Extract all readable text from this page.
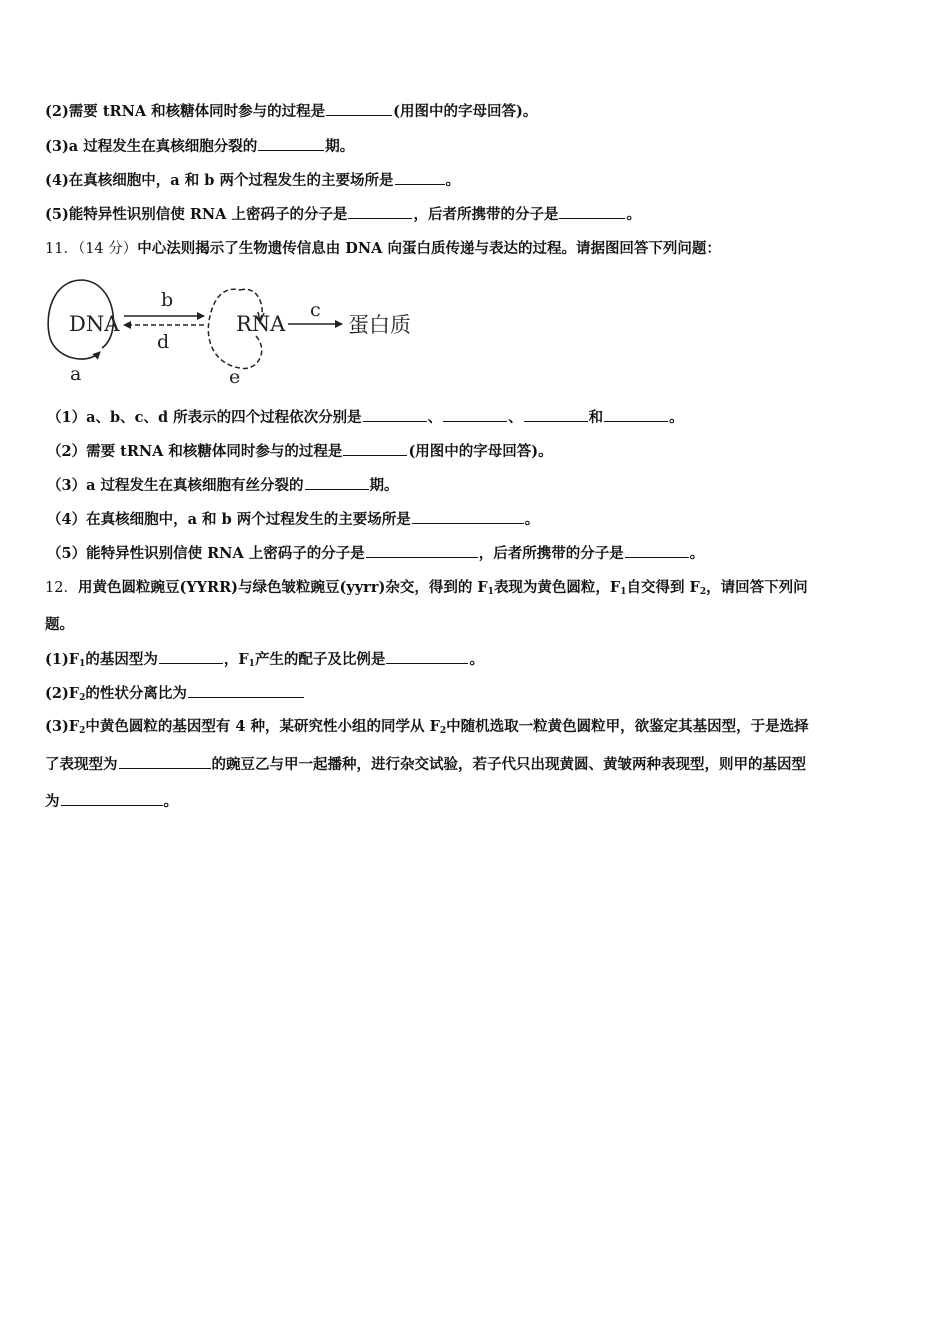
(2)需要 tRNA 和核糖体同时参与的过程是	(用图中的字母回答)。
(3)a 过程发生在真核细胞分裂的	期。
(4)在真核细胞中，a 和 b 两个过程发生的主要场所是	。
(5)能特异性识别信使 RNA 上密码子的分子是	，后者所携带的分子是	。
11．（14 分）中心法则揭示了生物遗传信息由 DNA 向蛋白质传递与表达的过程。请据图回答下列问题：
DNA
a
b
d
RNA
e
c
蛋白质
（1）a、b、c、d 所表示的四个过程依次分别是	、	、	和	。
（2）需要 tRNA 和核糖体同时参与的过程是	(用图中的字母回答)。
（3）a 过程发生在真核细胞有丝分裂的	期。
（4）在真核细胞中，a 和 b 两个过程发生的主要场所是	。
（5）能特异性识别信使 RNA 上密码子的分子是	，后者所携带的分子是	。
12．用黄色圆粒豌豆(YYRR)与绿色皱粒豌豆(yyrr)杂交，得到的 $F_1$表现为黄色圆粒，$F_1$自交得到 $F_2$，请回答下列问
题。
$(1)F_1$的基因型为	，$F_1$产生的配子及比例是	。
$(2)F_2$的性状分离比为
$(3)F_2$中黄色圆粒的基因型有 4 种，某研究性小组的同学从 $F_2$中随机选取一粒黄色圆粒甲，欲鉴定其基因型，于是选择
了表现型为	的豌豆乙与甲一起播种，进行杂交试验，若子代只出现黄圆、黄皱两种表现型，则甲的基因型
为	。
